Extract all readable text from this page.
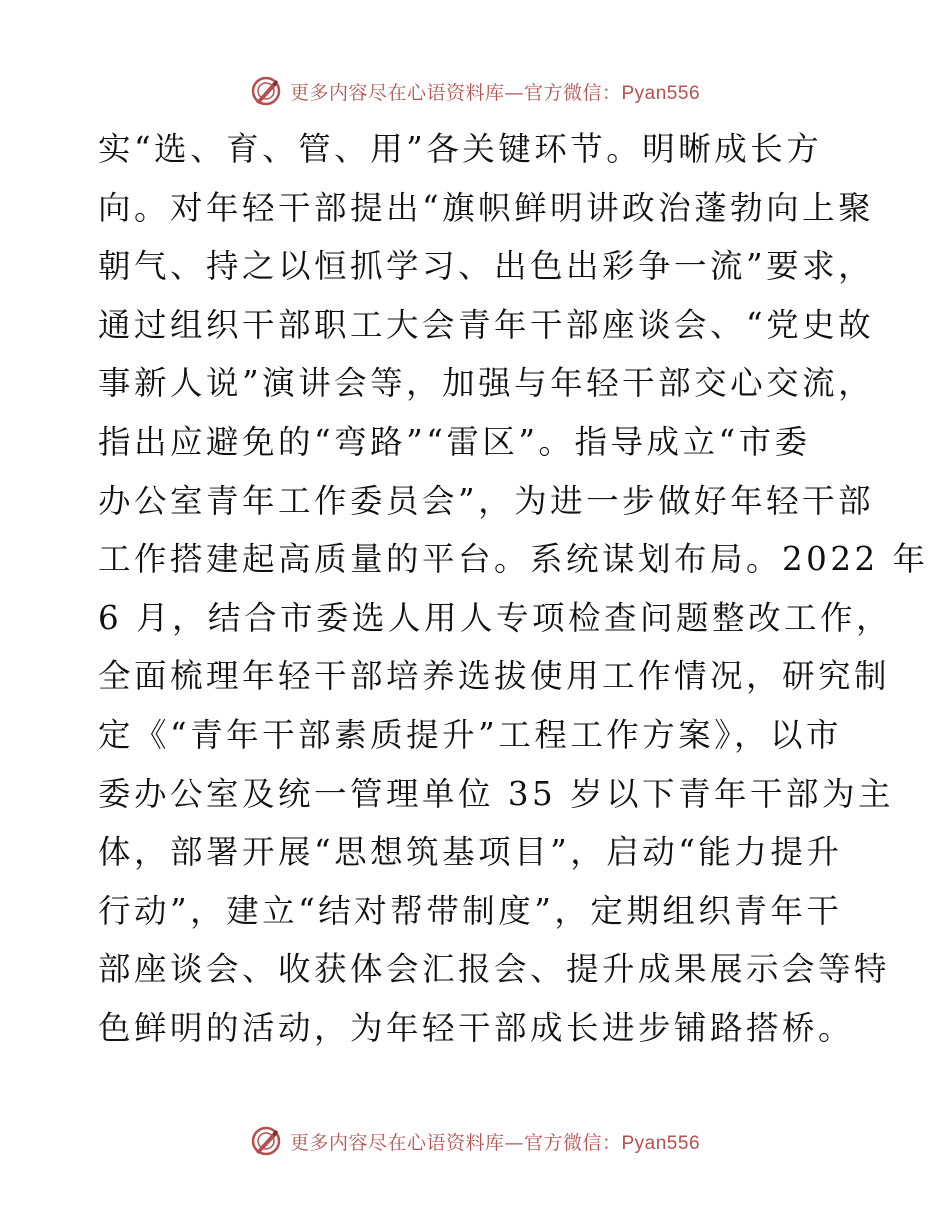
更多内容尽在心语资料库—官方微信：Pyan556
实“选、育、管、用”各关键环节。明晰成长方
向。对年轻干部提出“旗帜鲜明讲政治蓬勃向上聚
朝气、持之以恒抓学习、出色出彩争一流”要求，
通过组织干部职工大会青年干部座谈会、“党史故
事新人说”演讲会等，加强与年轻干部交心交流，
指出应避免的“弯路”“雷区”。指导成立“市委
办公室青年工作委员会”，为进一步做好年轻干部
工作搭建起高质量的平台。系统谋划布局。2022 年
6 月，结合市委选人用人专项检查问题整改工作，
全面梳理年轻干部培养选拔使用工作情况，研究制
定《“青年干部素质提升”工程工作方案》，以市
委办公室及统一管理单位 35 岁以下青年干部为主
体，部署开展“思想筑基项目”，启动“能力提升
行动”，建立“结对帮带制度”，定期组织青年干
部座谈会、收获体会汇报会、提升成果展示会等特
色鲜明的活动，为年轻干部成长进步铺路搭桥。
更多内容尽在心语资料库—官方微信：Pyan556
